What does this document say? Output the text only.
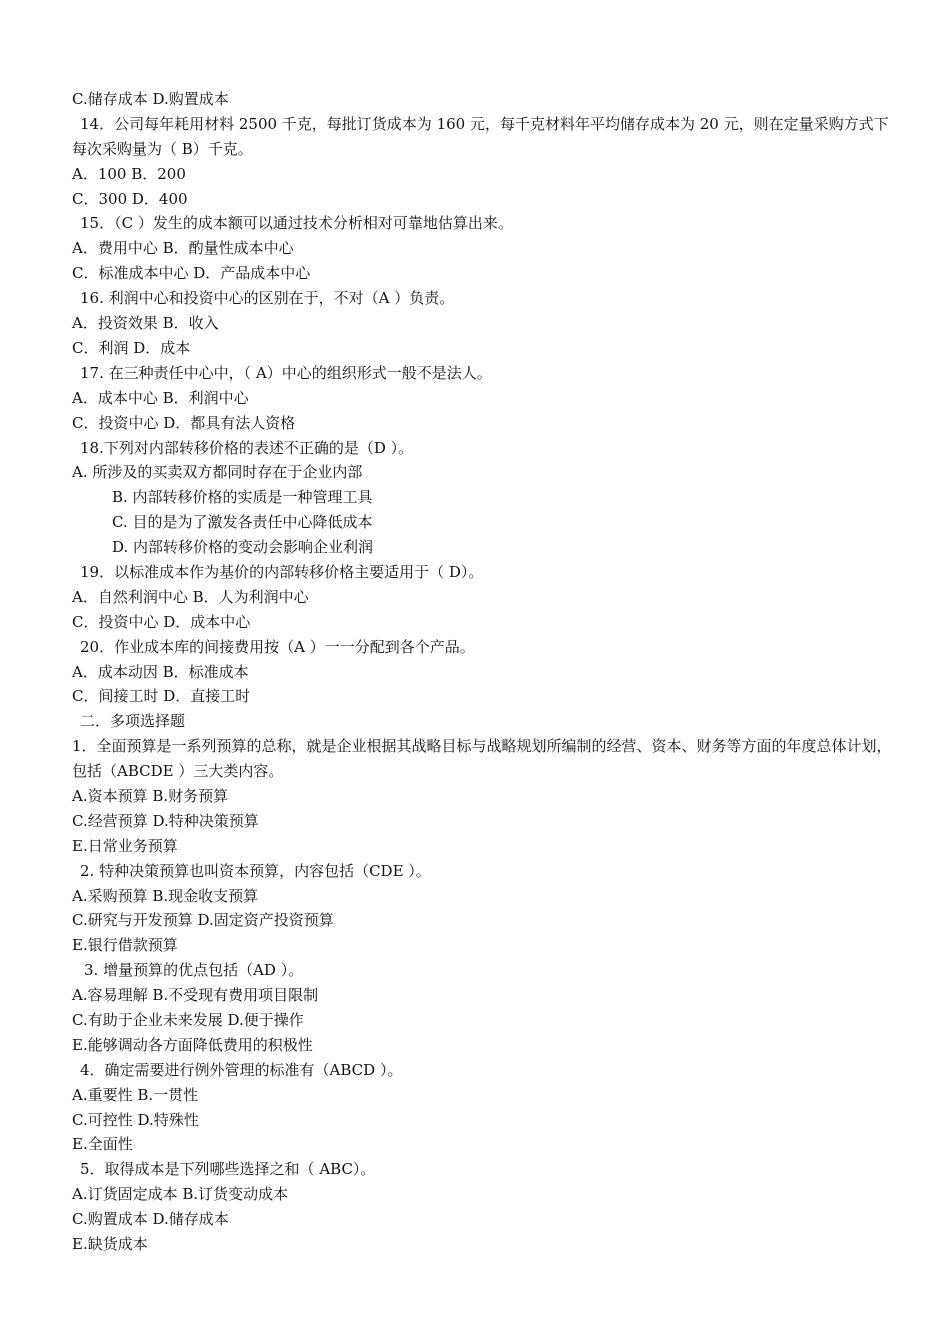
C.储存成本 D.购置成本

14．公司每年耗用材料 2500 千克，每批订货成本为 160 元，每千克材料年平均储存成本为 20 元，则在定量采购方式下每次采购量为（ B）千克。

A．100 B．200

C．300 D．400

15．（C ）发生的成本额可以通过技术分析相对可靠地估算出来。

A．费用中心 B．酌量性成本中心

C．标准成本中心 D．产品成本中心

16. 利润中心和投资中心的区别在于，不对（A ）负责。

A．投资效果 B．收入

C．利润 D．成本

17. 在三种责任中心中，（ A）中心的组织形式一般不是法人。

A．成本中心 B．利润中心

C．投资中心 D．都具有法人资格

18.下列对内部转移价格的表述不正确的是（D ）。

A. 所涉及的买卖双方都同时存在于企业内部

B. 内部转移价格的实质是一种管理工具

C. 目的是为了激发各责任中心降低成本

D. 内部转移价格的变动会影响企业利润

19．以标准成本作为基价的内部转移价格主要适用于（ D）。

A．自然利润中心 B．人为利润中心

C．投资中心 D．成本中心

20．作业成本库的间接费用按（A ）一一分配到各个产品。

A．成本动因 B．标准成本

C．间接工时 D．直接工时

二．多项选择题

1．全面预算是一系列预算的总称，就是企业根据其战略目标与战略规划所编制的经营、资本、财务等方面的年度总体计划，包括（ABCDE ）三大类内容。

A.资本预算 B.财务预算

C.经营预算 D.特种决策预算

E.日常业务预算

2. 特种决策预算也叫资本预算，内容包括（CDE ）。

A.采购预算 B.现金收支预算

C.研究与开发预算 D.固定资产投资预算

E.银行借款预算

3. 增量预算的优点包括（AD ）。

A.容易理解 B.不受现有费用项目限制

C.有助于企业未来发展 D.便于操作

E.能够调动各方面降低费用的积极性

4．确定需要进行例外管理的标准有（ABCD ）。

A.重要性 B.一贯性

C.可控性 D.特殊性

E.全面性

5．取得成本是下列哪些选择之和（ ABC）。

A.订货固定成本 B.订货变动成本

C.购置成本 D.储存成本

E.缺货成本
